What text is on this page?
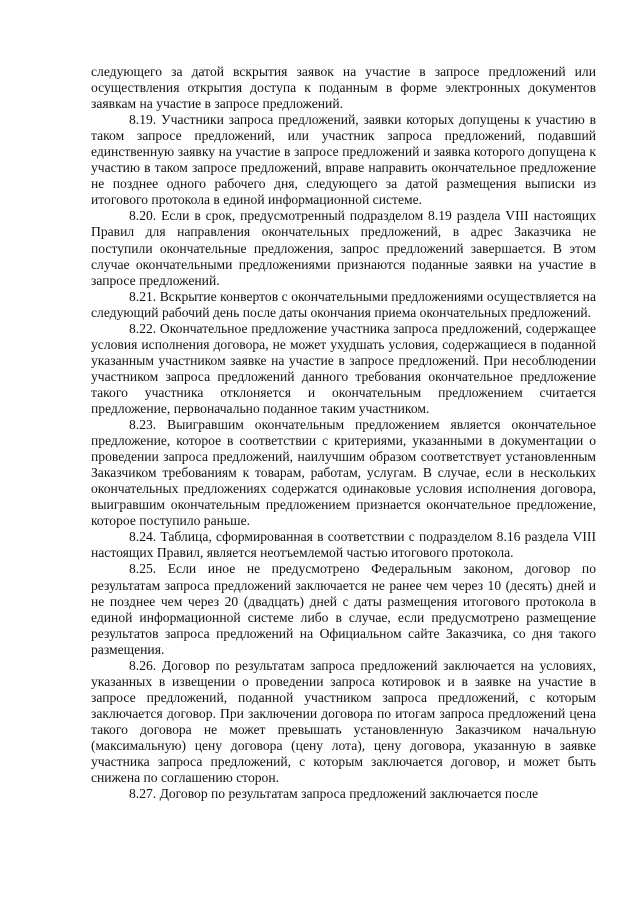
следующего за датой вскрытия заявок на участие в запросе предложений или осуществления открытия доступа к поданным в форме электронных документов заявкам на участие в запросе предложений.

8.19. Участники запроса предложений, заявки которых допущены к участию в таком запросе предложений, или участник запроса предложений, подавший единственную заявку на участие в запросе предложений и заявка которого допущена к участию в таком запросе предложений, вправе направить окончательное предложение не позднее одного рабочего дня, следующего за датой размещения выписки из итогового протокола в единой информационной системе.

8.20. Если в срок, предусмотренный подразделом 8.19 раздела VIII настоящих Правил для направления окончательных предложений, в адрес Заказчика не поступили окончательные предложения, запрос предложений завершается. В этом случае окончательными предложениями признаются поданные заявки на участие в запросе предложений.

8.21. Вскрытие конвертов с окончательными предложениями осуществляется на следующий рабочий день после даты окончания приема окончательных предложений.

8.22. Окончательное предложение участника запроса предложений, содержащее условия исполнения договора, не может ухудшать условия, содержащиеся в поданной указанным участником заявке на участие в запросе предложений. При несоблюдении участником запроса предложений данного требования окончательное предложение такого участника отклоняется и окончательным предложением считается предложение, первоначально поданное таким участником.

8.23. Выигравшим окончательным предложением является окончательное предложение, которое в соответствии с критериями, указанными в документации о проведении запроса предложений, наилучшим образом соответствует установленным Заказчиком требованиям к товарам, работам, услугам. В случае, если в нескольких окончательных предложениях содержатся одинаковые условия исполнения договора, выигравшим окончательным предложением признается окончательное предложение, которое поступило раньше.

8.24. Таблица, сформированная в соответствии с подразделом 8.16 раздела VIII настоящих Правил, является неотъемлемой частью итогового протокола.

8.25. Если иное не предусмотрено Федеральным законом, договор по результатам запроса предложений заключается не ранее чем через 10 (десять) дней и не позднее чем через 20 (двадцать) дней с даты размещения итогового протокола в единой информационной системе либо в случае, если предусмотрено размещение результатов запроса предложений на Официальном сайте Заказчика, со дня такого размещения.

8.26. Договор по результатам запроса предложений заключается на условиях, указанных в извещении о проведении запроса котировок и в заявке на участие в запросе предложений, поданной участником запроса предложений, с которым заключается договор. При заключении договора по итогам запроса предложений цена такого договора не может превышать установленную Заказчиком начальную (максимальную) цену договора (цену лота), цену договора, указанную в заявке участника запроса предложений, с которым заключается договор, и может быть снижена по соглашению сторон.

8.27. Договор по результатам запроса предложений заключается после
